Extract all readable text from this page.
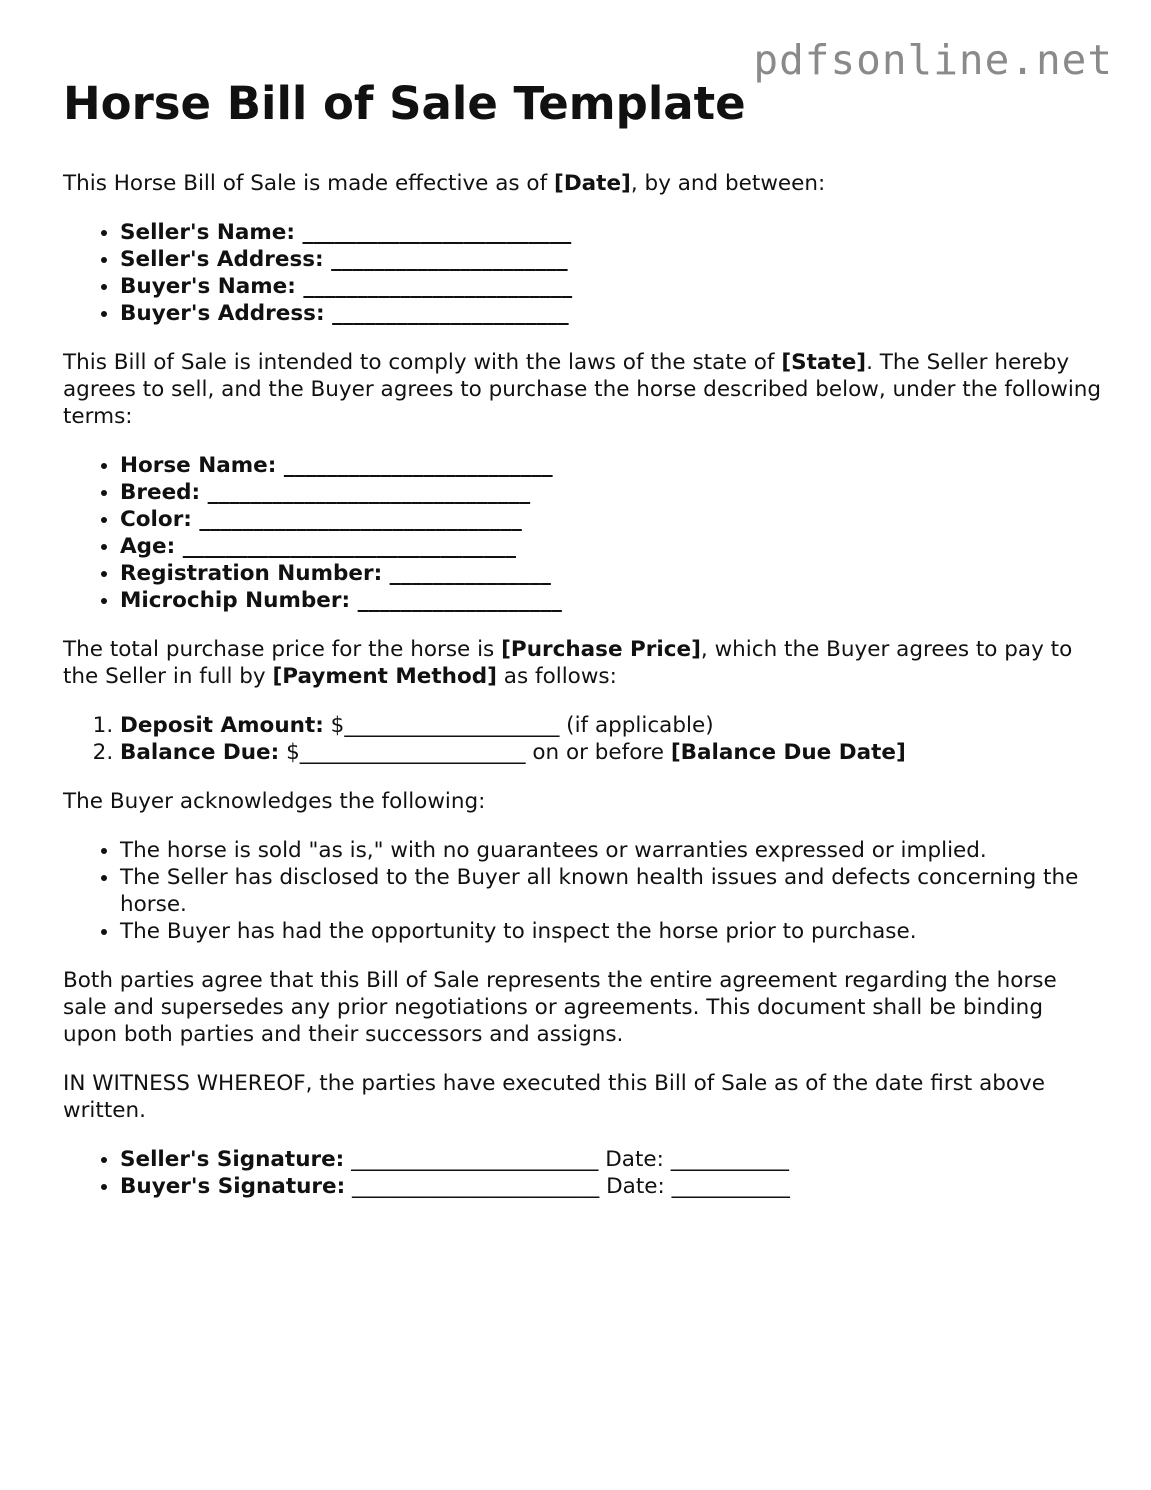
pdfsonline.net
Horse Bill of Sale Template

This Horse Bill of Sale is made effective as of [Date], by and between:

• Seller's Name: _________________________
• Seller's Address: ______________________
• Buyer's Name: _________________________
• Buyer's Address: ______________________

This Bill of Sale is intended to comply with the laws of the state of [State]. The Seller hereby agrees to sell, and the Buyer agrees to purchase the horse described below, under the following terms:

• Horse Name: _________________________
• Breed: ______________________________
• Color: ______________________________
• Age: _______________________________
• Registration Number: _______________
• Microchip Number: ___________________

The total purchase price for the horse is [Purchase Price], which the Buyer agrees to pay to the Seller in full by [Payment Method] as follows:

1. Deposit Amount: $____________________ (if applicable)
2. Balance Due: $_____________________ on or before [Balance Due Date]

The Buyer acknowledges the following:

• The horse is sold "as is," with no guarantees or warranties expressed or implied.
• The Seller has disclosed to the Buyer all known health issues and defects concerning the horse.
• The Buyer has had the opportunity to inspect the horse prior to purchase.

Both parties agree that this Bill of Sale represents the entire agreement regarding the horse sale and supersedes any prior negotiations or agreements. This document shall be binding upon both parties and their successors and assigns.

IN WITNESS WHEREOF, the parties have executed this Bill of Sale as of the date first above written.

• Seller's Signature: _______________________ Date: ___________
• Buyer's Signature: _______________________ Date: ___________
